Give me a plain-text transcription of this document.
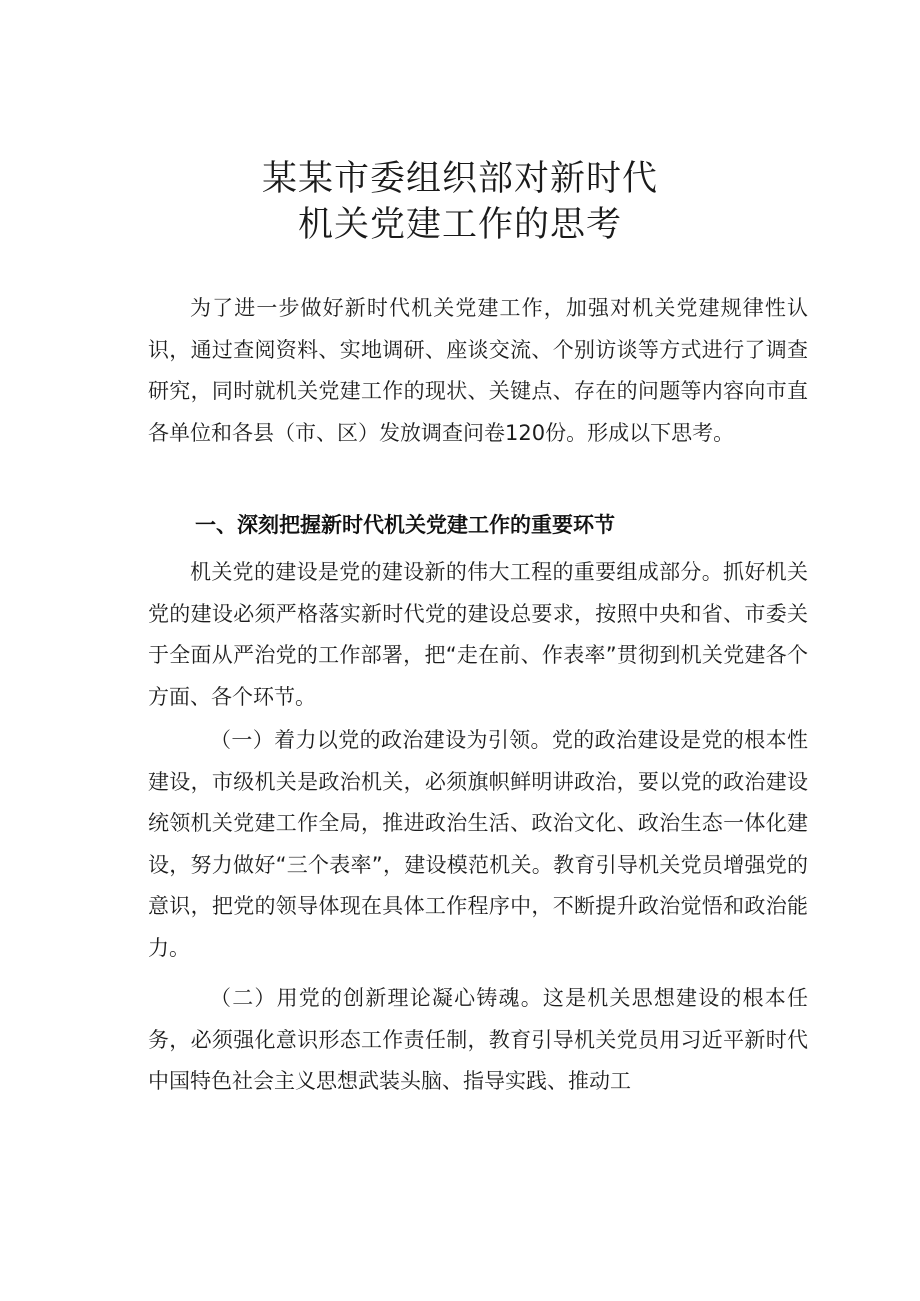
某某市委组织部对新时代
机关党建工作的思考

为了进一步做好新时代机关党建工作，加强对机关党建规律性认识，通过查阅资料、实地调研、座谈交流、个别访谈等方式进行了调查研究，同时就机关党建工作的现状、关键点、存在的问题等内容向市直各单位和各县（市、区）发放调查问卷120份。形成以下思考。

一、深刻把握新时代机关党建工作的重要环节

机关党的建设是党的建设新的伟大工程的重要组成部分。抓好机关党的建设必须严格落实新时代党的建设总要求，按照中央和省、市委关于全面从严治党的工作部署，把“走在前、作表率”贯彻到机关党建各个方面、各个环节。

（一）着力以党的政治建设为引领。党的政治建设是党的根本性建设，市级机关是政治机关，必须旗帜鲜明讲政治，要以党的政治建设统领机关党建工作全局，推进政治生活、政治文化、政治生态一体化建设，努力做好“三个表率”，建设模范机关。教育引导机关党员增强党的意识，把党的领导体现在具体工作程序中，不断提升政治觉悟和政治能力。

（二）用党的创新理论凝心铸魂。这是机关思想建设的根本任务，必须强化意识形态工作责任制，教育引导机关党员用习近平新时代中国特色社会主义思想武装头脑、指导实践、推动工
